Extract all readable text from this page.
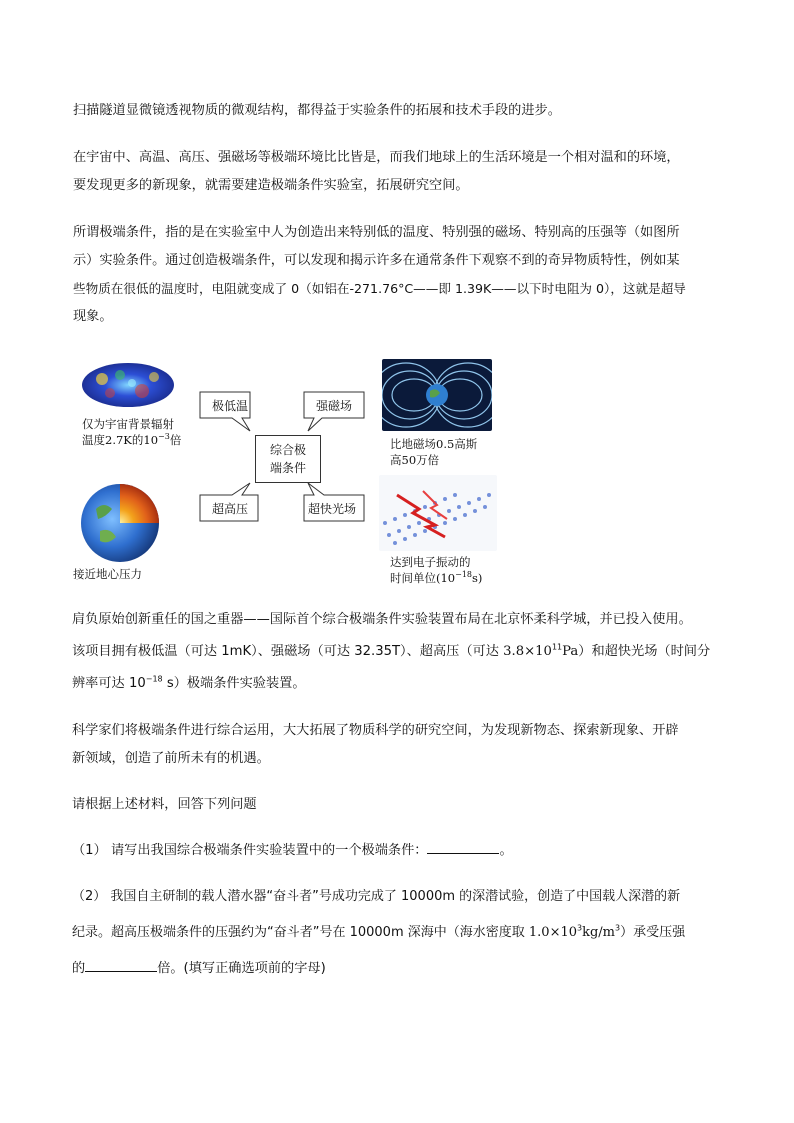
扫描隧道显微镜透视物质的微观结构，都得益于实验条件的拓展和技术手段的进步。

在宇宙中、高温、高压、强磁场等极端环境比比皆是，而我们地球上的生活环境是一个相对温和的环境，

要发现更多的新现象，就需要建造极端条件实验室，拓展研究空间。

所谓极端条件，指的是在实验室中人为创造出来特别低的温度、特别强的磁场、特别高的压强等（如图所

示）实验条件。通过创造极端条件，可以发现和揭示许多在通常条件下观察不到的奇异物质特性，例如某

些物质在很低的温度时，电阻就变成了 0（如铝在-271.76°C——即 1.39K——以下时电阻为 0），这就是超导

现象。

仅为宇宙背景辐射
温度2.7K的$10^{-3}$倍
接近地心压力
比地磁场0.5高斯
高50万倍
达到电子振动的
时间单位$(10^{-18}s)$
极低温	强磁场
超高压	超快光场
综合极
端条件

肩负原始创新重任的国之重器——国际首个综合极端条件实验装置布局在北京怀柔科学城，并已投入使用。

该项目拥有极低温（可达 1mK）、强磁场（可达 32.35T）、超高压（可达 $3.8\times 10^{11}Pa$）和超快光场（时间分

辨率可达 $10^{-18}$ s）极端条件实验装置。

科学家们将极端条件进行综合运用，大大拓展了物质科学的研究空间，为发现新物态、探索新现象、开辟

新领域，创造了前所未有的机遇。

请根据上述材料，回答下列问题

（1） 请写出我国综合极端条件实验装置中的一个极端条件：	。

（2） 我国自主研制的载人潜水器“奋斗者”号成功完成了 10000m 的深潜试验，创造了中国载人深潜的新

纪录。超高压极端条件的压强约为“奋斗者”号在 10000m 深海中（海水密度取 $1.0\times 10^3kg/m^3$）承受压强

的	倍。(填写正确选项前的字母)
